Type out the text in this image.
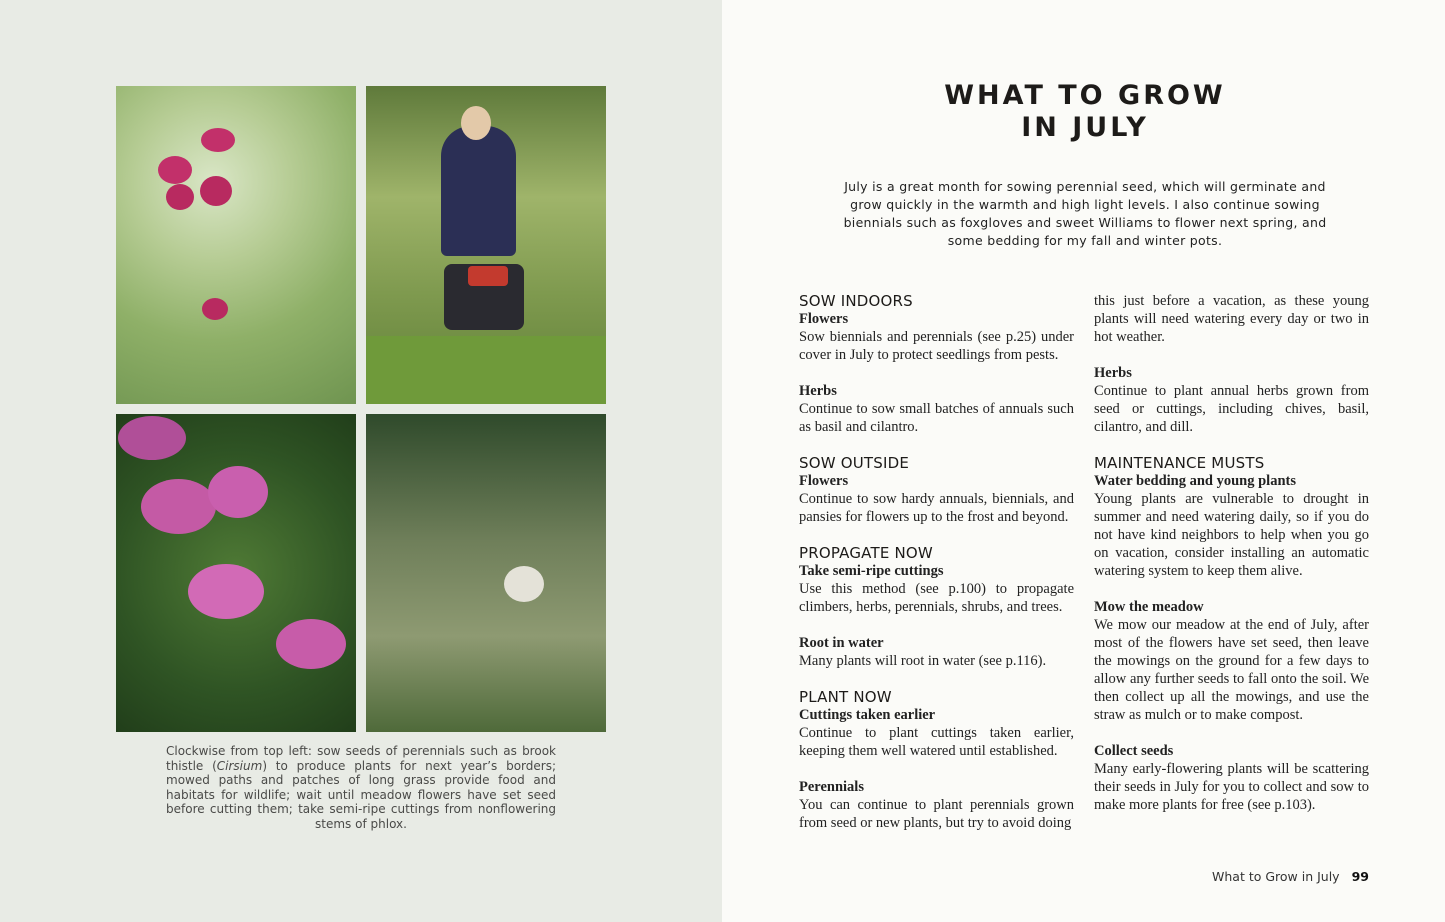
Clockwise from top left: sow seeds of perennials such as brook thistle (Cirsium) to produce plants for next year’s borders; mowed paths and patches of long grass provide food and habitats for wildlife; wait until meadow flowers have set seed before cutting them; take semi-ripe cuttings from nonflowering stems of phlox.
WHAT TO GROW
IN JULY
July is a great month for sowing perennial seed, which will germinate and grow quickly in the warmth and high light levels. I also continue sowing biennials such as foxgloves and sweet Williams to flower next spring, and some bedding for my fall and winter pots.
SOW INDOORS
Flowers
Sow biennials and perennials (see p.25) under cover in July to protect seedlings from pests.
Herbs
Continue to sow small batches of annuals such as basil and cilantro.
SOW OUTSIDE
Flowers
Continue to sow hardy annuals, biennials, and pansies for flowers up to the frost and beyond.
PROPAGATE NOW
Take semi-ripe cuttings
Use this method (see p.100) to propagate climbers, herbs, perennials, shrubs, and trees.
Root in water
Many plants will root in water (see p.116).
PLANT NOW
Cuttings taken earlier
Continue to plant cuttings taken earlier, keeping them well watered until established.
Perennials
You can continue to plant perennials grown from seed or new plants, but try to avoid doing
this just before a vacation, as these young plants will need watering every day or two in hot weather.
Herbs
Continue to plant annual herbs grown from seed or cuttings, including chives, basil, cilantro, and dill.
MAINTENANCE MUSTS
Water bedding and young plants
Young plants are vulnerable to drought in summer and need watering daily, so if you do not have kind neighbors to help when you go on vacation, consider installing an automatic watering system to keep them alive.
Mow the meadow
We mow our meadow at the end of July, after most of the flowers have set seed, then leave the mowings on the ground for a few days to allow any further seeds to fall onto the soil. We then collect up all the mowings, and use the straw as mulch or to make compost.
Collect seeds
Many early-flowering plants will be scattering their seeds in July for you to collect and sow to make more plants for free (see p.103).
What to Grow in July 99
